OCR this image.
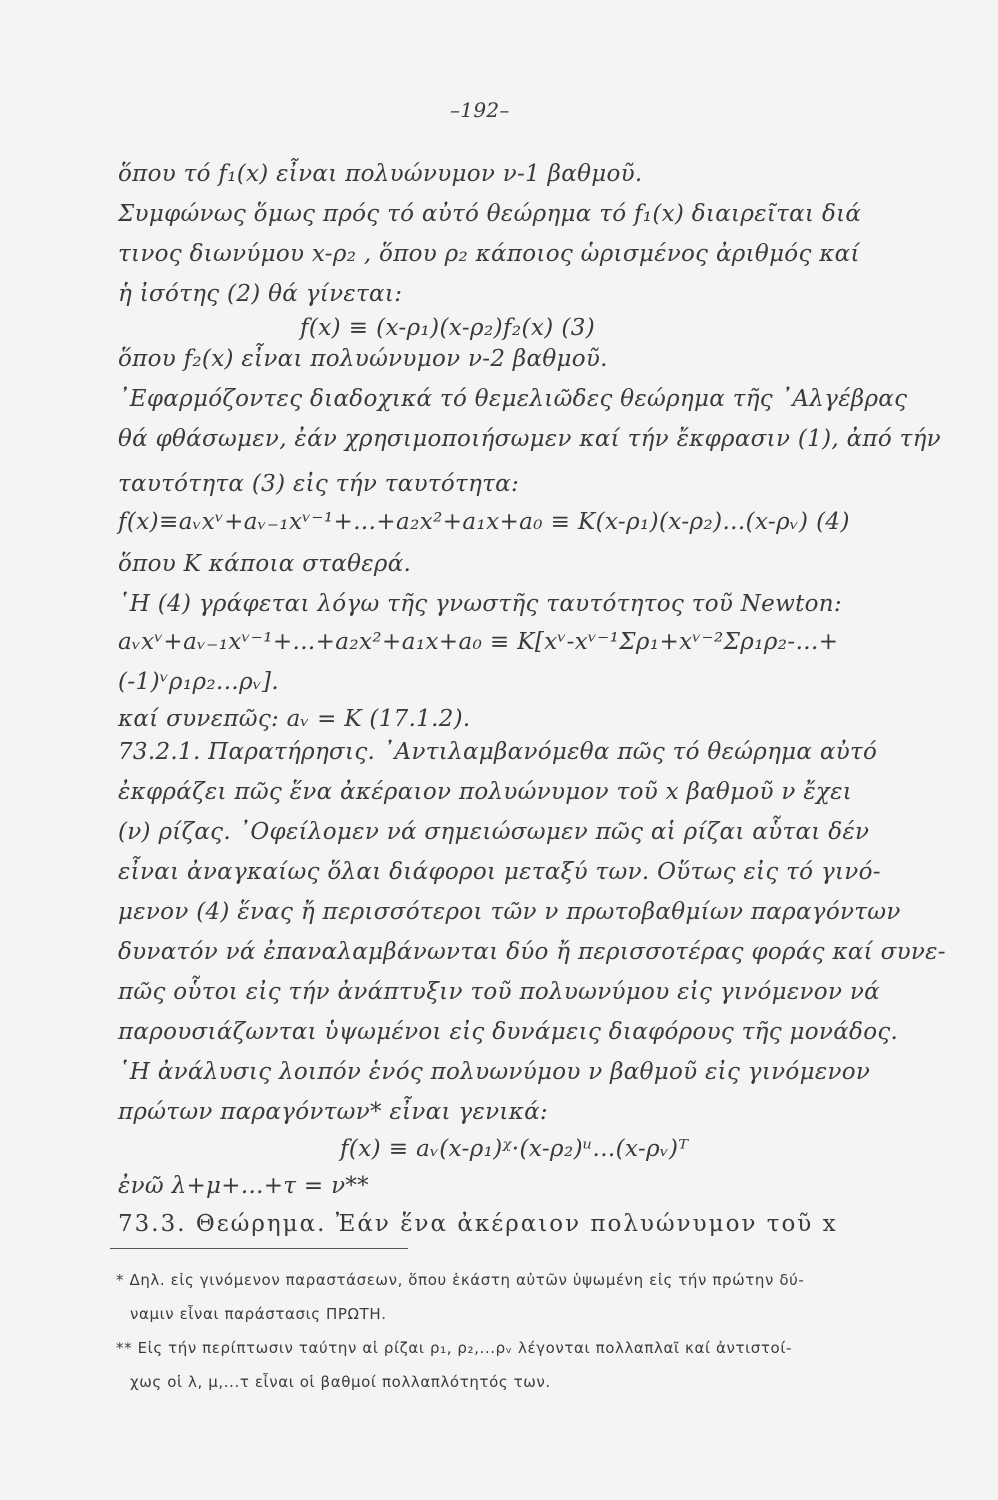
–192–
ὅπου τό f₁(x) εἶναι πολυώνυμον ν-1 βαθμοῦ.
Συμφώνως ὅμως πρός τό αὐτό θεώρημα τό f₁(x) διαιρεῖται διά
τινος διωνύμου x-ρ₂ , ὅπου ρ₂ κάποιος ὡρισμένος ἀριθμός καί
ἡ ἰσότης (2) θά γίνεται:
f(x) ≡ (x-ρ₁)(x-ρ₂)f₂(x) (3)
ὅπου f₂(x) εἶναι πολυώνυμον ν-2 βαθμοῦ.
᾿Εφαρμόζοντες διαδοχικά τό θεμελιῶδες θεώρημα τῆς ᾿Αλγέβρας
θά φθάσωμεν, ἐάν χρησιμοποιήσωμεν καί τήν ἔκφρασιν (1), ἀπό τήν
ταυτότητα (3) εἰς τήν ταυτότητα:
f(x)≡aᵥxᵛ+aᵥ₋₁xᵛ⁻¹+...+a₂x²+a₁x+a₀ ≡ K(x-ρ₁)(x-ρ₂)...(x-ρᵥ) (4)
ὅπου K κάποια σταθερά.
῾Η (4) γράφεται λόγω τῆς γνωστῆς ταυτότητος τοῦ Newton:
aᵥxᵛ+aᵥ₋₁xᵛ⁻¹+...+a₂x²+a₁x+a₀ ≡ K[xᵛ-xᵛ⁻¹Σρ₁+xᵛ⁻²Σρ₁ρ₂-...+
(-1)ᵛρ₁ρ₂...ρᵥ].
καί συνεπῶς: aᵥ = K (17.1.2).
73.2.1. Παρατήρησις. ᾿Αντιλαμβανόμεθα πῶς τό θεώρημα αὐτό
ἐκφράζει πῶς ἕνα ἀκέραιον πολυώνυμον τοῦ x βαθμοῦ ν ἔχει
(ν) ρίζας. ᾿Οφείλομεν νά σημειώσωμεν πῶς αἱ ρίζαι αὗται δέν
εἶναι ἀναγκαίως ὅλαι διάφοροι μεταξύ των. Οὕτως εἰς τό γινό-
μενον (4) ἕνας ἤ περισσότεροι τῶν ν πρωτοβαθμίων παραγόντων
δυνατόν νά ἐπαναλαμβάνωνται δύο ἤ περισσοτέρας φοράς καί συνε-
πῶς οὗτοι εἰς τήν ἀνάπτυξιν τοῦ πολυωνύμου εἰς γινόμενον νά
παρουσιάζωνται ὑψωμένοι εἰς δυνάμεις διαφόρους τῆς μονάδος.
῾Η ἀνάλυσις λοιπόν ἑνός πολυωνύμου ν βαθμοῦ εἰς γινόμενον
πρώτων παραγόντων* εἶναι γενικά:
f(x) ≡ aᵥ(x-ρ₁)ᵡ·(x-ρ₂)ᵘ...(x-ρᵥ)ᵀ
ἐνῶ λ+μ+...+τ = ν**
73.3. Θεώρημα. Ἐάν ἕνα ἀκέραιον πολυώνυμον τοῦ x
* Δηλ. εἰς γινόμενον παραστάσεων, ὅπου ἑκάστη αὐτῶν ὑψωμένη εἰς τήν πρώτην δύ-
ναμιν εἶναι παράστασις ΠΡΩΤΗ.
** Εἰς τήν περίπτωσιν ταύτην αἱ ρίζαι ρ₁, ρ₂,...ρᵥ λέγονται πολλαπλαῖ καί ἀντιστοί-
χως οἱ λ, μ,...τ εἶναι οἱ βαθμοί πολλαπλότητός των.
